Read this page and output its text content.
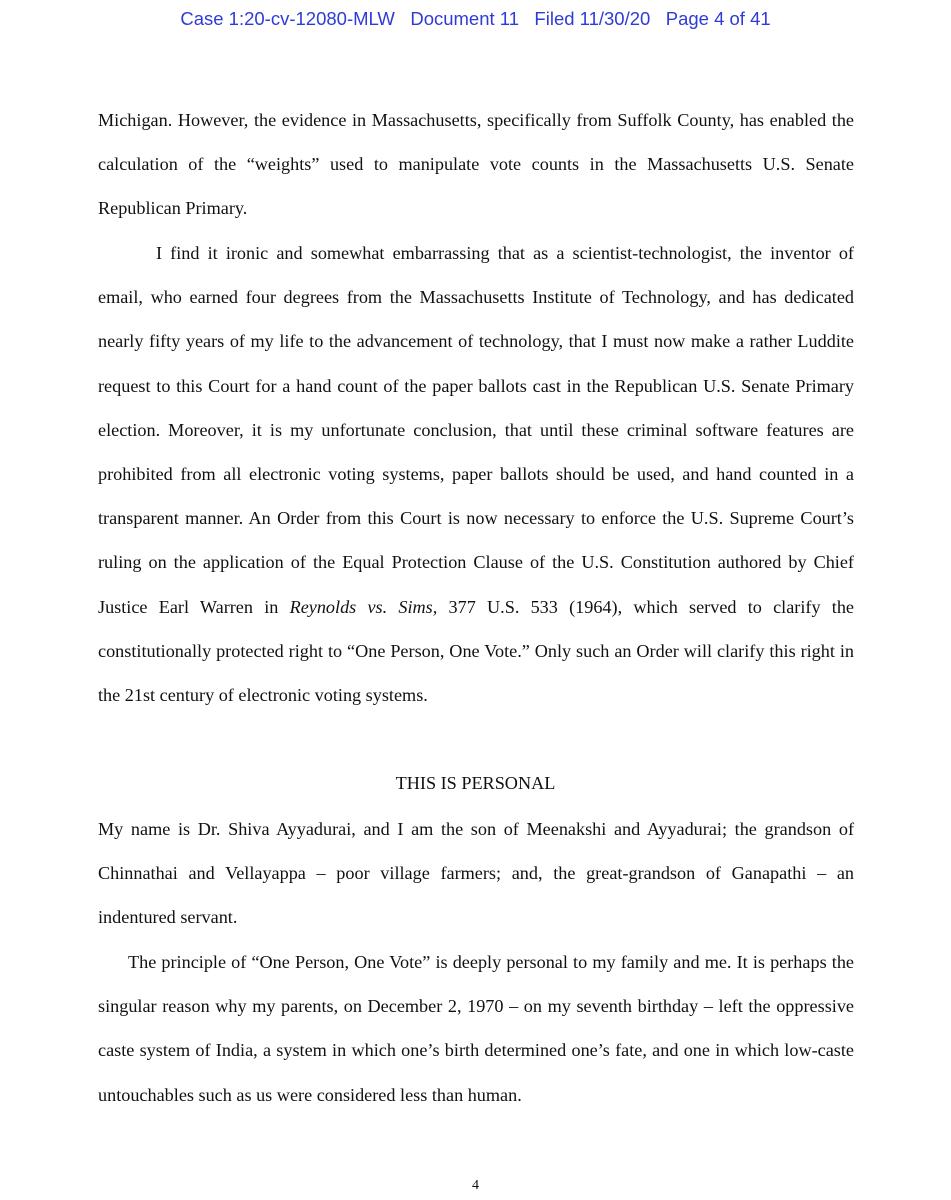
Case 1:20-cv-12080-MLW Document 11 Filed 11/30/20 Page 4 of 41

Michigan. However, the evidence in Massachusetts, specifically from Suffolk County, has enabled the calculation of the “weights” used to manipulate vote counts in the Massachusetts U.S. Senate Republican Primary.

I find it ironic and somewhat embarrassing that as a scientist-technologist, the inventor of email, who earned four degrees from the Massachusetts Institute of Technology, and has dedicated nearly fifty years of my life to the advancement of technology, that I must now make a rather Luddite request to this Court for a hand count of the paper ballots cast in the Republican U.S. Senate Primary election. Moreover, it is my unfortunate conclusion, that until these criminal software features are prohibited from all electronic voting systems, paper ballots should be used, and hand counted in a transparent manner. An Order from this Court is now necessary to enforce the U.S. Supreme Court’s ruling on the application of the Equal Protection Clause of the U.S. Constitution authored by Chief Justice Earl Warren in Reynolds vs. Sims, 377 U.S. 533 (1964), which served to clarify the constitutionally protected right to “One Person, One Vote.” Only such an Order will clarify this right in the 21st century of electronic voting systems.

THIS IS PERSONAL

My name is Dr. Shiva Ayyadurai, and I am the son of Meenakshi and Ayyadurai; the grandson of Chinnathai and Vellayappa – poor village farmers; and, the great-grandson of Ganapathi – an indentured servant.

The principle of “One Person, One Vote” is deeply personal to my family and me. It is perhaps the singular reason why my parents, on December 2, 1970 – on my seventh birthday – left the oppressive caste system of India, a system in which one’s birth determined one’s fate, and one in which low-caste untouchables such as us were considered less than human.

4
